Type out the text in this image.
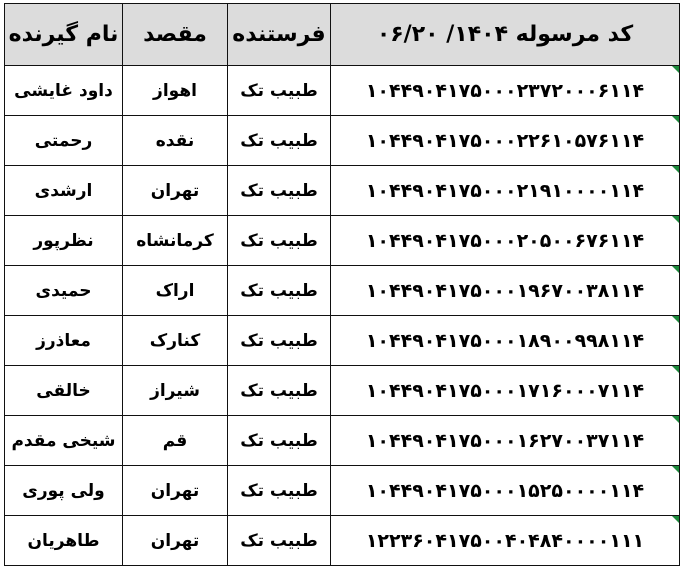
کد مرسوله ۱۴۰۴/ ۰۶/۲۰	فرستنده	مقصد	نام گیرنده

۱۰۴۴۹۰۴۱۷۵۰۰۰۲۳۷۲۰۰۰۶۱۱۴	طبیب تک	اهواز	داود غایشی

۱۰۴۴۹۰۴۱۷۵۰۰۰۲۲۶۱۰۵۷۶۱۱۴	طبیب تک	نقده	رحمتی

۱۰۴۴۹۰۴۱۷۵۰۰۰۲۱۹۱۰۰۰۰۱۱۴	طبیب تک	تهران	ارشدی

۱۰۴۴۹۰۴۱۷۵۰۰۰۲۰۵۰۰۶۷۶۱۱۴	طبیب تک	کرمانشاه	نظرپور

۱۰۴۴۹۰۴۱۷۵۰۰۰۱۹۶۷۰۰۳۸۱۱۴	طبیب تک	اراک	حمیدی

۱۰۴۴۹۰۴۱۷۵۰۰۰۱۸۹۰۰۹۹۸۱۱۴	طبیب تک	کنارک	معاذرز

۱۰۴۴۹۰۴۱۷۵۰۰۰۱۷۱۶۰۰۰۷۱۱۴	طبیب تک	شیراز	خالقی

۱۰۴۴۹۰۴۱۷۵۰۰۰۱۶۲۷۰۰۳۷۱۱۴	طبیب تک	قم	شیخی مقدم

۱۰۴۴۹۰۴۱۷۵۰۰۰۱۵۲۵۰۰۰۰۱۱۴	طبیب تک	تهران	ولی پوری

۱۲۲۳۶۰۴۱۷۵۰۰۴۰۴۸۴۰۰۰۰۱۱۱	طبیب تک	تهران	طاهریان
